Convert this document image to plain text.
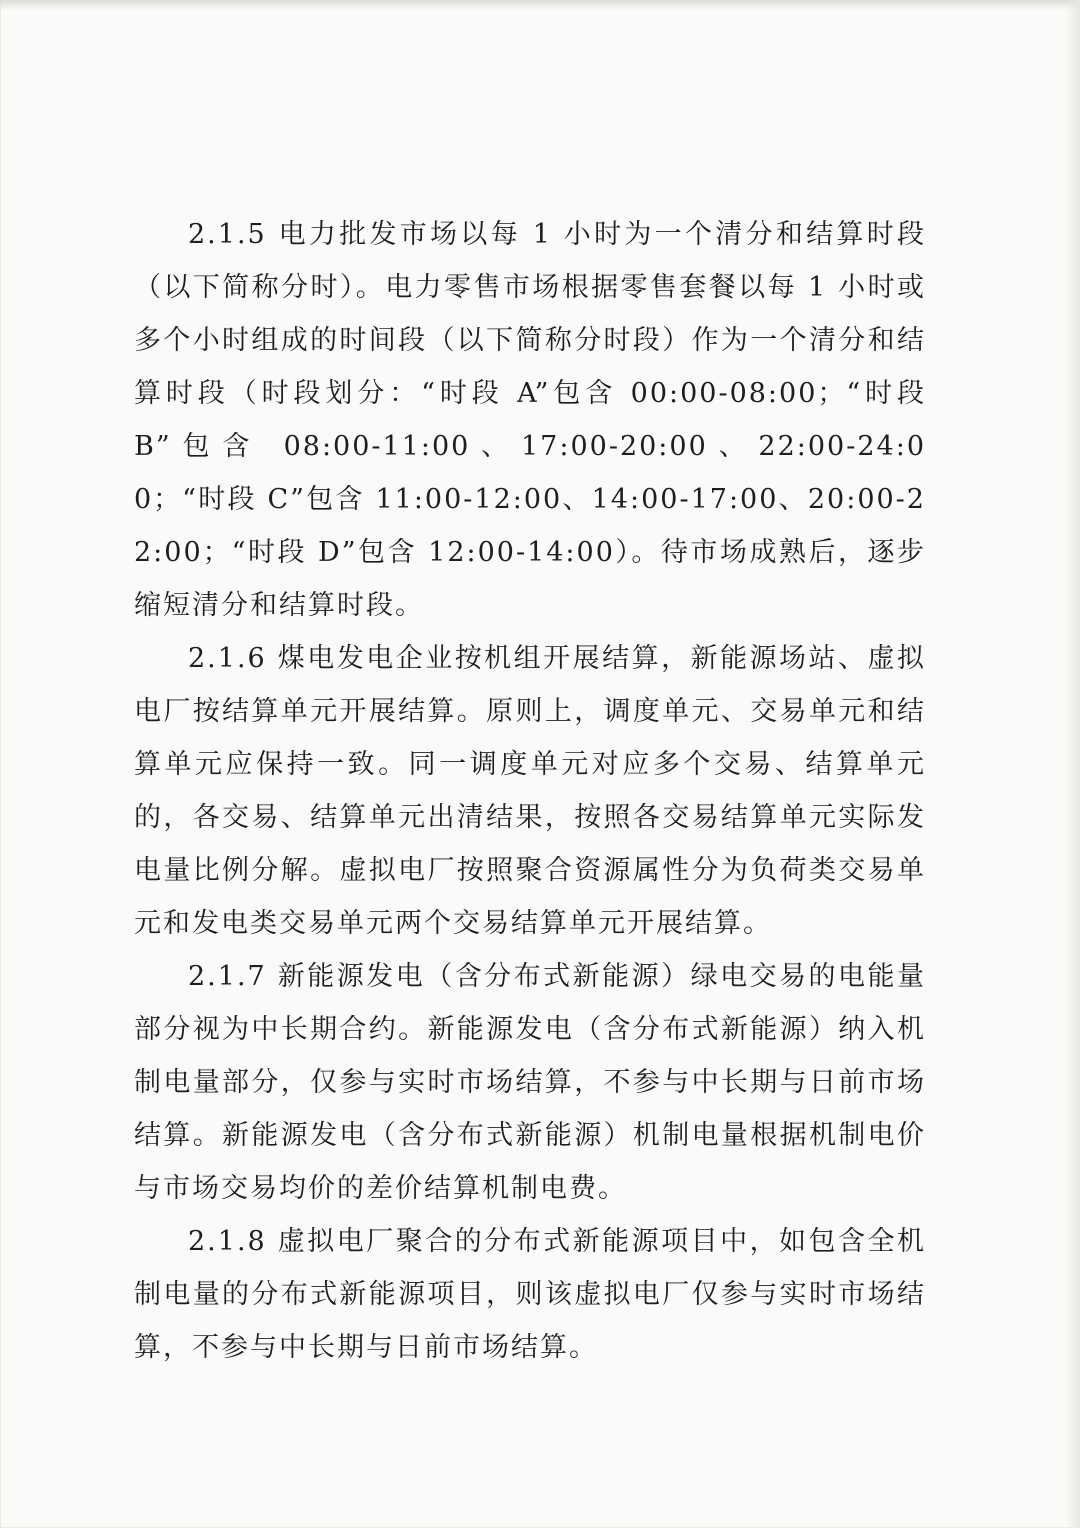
2.1.5 电力批发市场以每 1 小时为一个清分和结算时段（以下简称分时）。电力零售市场根据零售套餐以每 1 小时或多个小时组成的时间段（以下简称分时段）作为一个清分和结算时段（时段划分：“时段 A”包含 00:00-08:00；“时段 B”包含 08:00-11:00、17:00-20:00、22:00-24:00；“时段 C”包含 11:00-12:00、14:00-17:00、20:00-22:00；“时段 D”包含 12:00-14:00）。待市场成熟后，逐步缩短清分和结算时段。

2.1.6 煤电发电企业按机组开展结算，新能源场站、虚拟电厂按结算单元开展结算。原则上，调度单元、交易单元和结算单元应保持一致。同一调度单元对应多个交易、结算单元的，各交易、结算单元出清结果，按照各交易结算单元实际发电量比例分解。虚拟电厂按照聚合资源属性分为负荷类交易单元和发电类交易单元两个交易结算单元开展结算。

2.1.7 新能源发电（含分布式新能源）绿电交易的电能量部分视为中长期合约。新能源发电（含分布式新能源）纳入机制电量部分，仅参与实时市场结算，不参与中长期与日前市场结算。新能源发电（含分布式新能源）机制电量根据机制电价与市场交易均价的差价结算机制电费。

2.1.8 虚拟电厂聚合的分布式新能源项目中，如包含全机制电量的分布式新能源项目，则该虚拟电厂仅参与实时市场结算，不参与中长期与日前市场结算。
